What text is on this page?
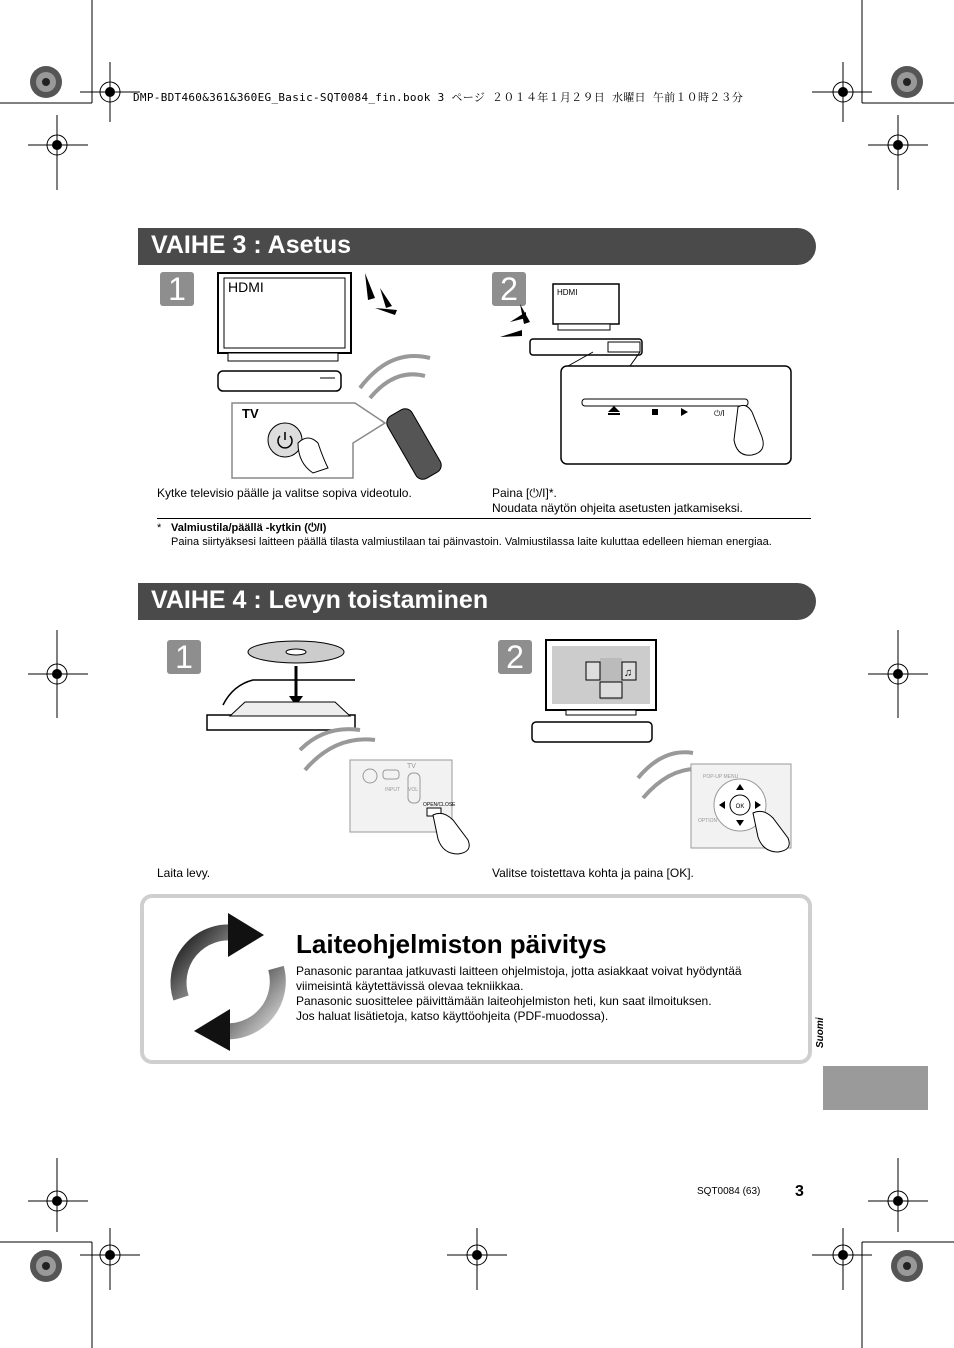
DMP-BDT460&361&360EG_Basic-SQT0084_fin.book 3 ページ ２０１４年１月２９日 水曜日 午前１０時２３分
VAIHE 3 : Asetus
1	2
HDMI
TV
HDMI
⏻/I
Kytke televisio päälle ja valitse sopiva videotulo.	Paina [⏻/I]*.
Noudata näytön ohjeita asetusten jatkamiseksi.
* Valmiustila/päällä -kytkin (⏻/I)
Paina siirtyäksesi laitteen päällä tilasta valmiustilaan tai päinvastoin. Valmiustilassa laite kuluttaa edelleen hieman energiaa.
VAIHE 4 : Levyn toistaminen
1	2
TV
INPUT VOL
OPEN/CLOSE
♫
POP-UP MENU
OPTION
OK
Laita levy.	Valitse toistettava kohta ja paina [OK].
Laiteohjelmiston päivitys
Panasonic parantaa jatkuvasti laitteen ohjelmistoja, jotta asiakkaat voivat hyödyntää viimeisintä käytettävissä olevaa tekniikkaa.
Panasonic suosittelee päivittämään laiteohjelmiston heti, kun saat ilmoituksen.
Jos haluat lisätietoja, katso käyttöohjeita (PDF-muodossa).
Suomi
SQT0084 (63) 3
